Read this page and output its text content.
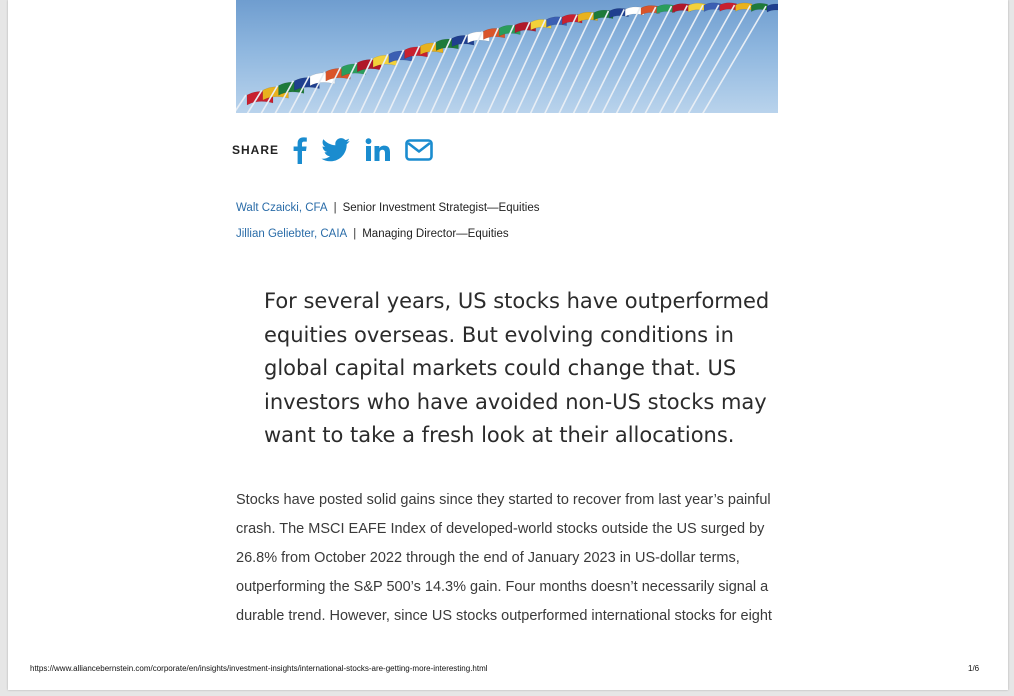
SHARE
Walt Czaicki, CFA | Senior Investment Strategist—Equities
Jillian Geliebter, CAIA | Managing Director—Equities
For several years, US stocks have outperformed equities overseas. But evolving conditions in global capital markets could change that. US investors who have avoided non-US stocks may want to take a fresh look at their allocations.
Stocks have posted solid gains since they started to recover from last year’s painful crash. The MSCI EAFE Index of developed-world stocks outside the US surged by 26.8% from October 2022 through the end of January 2023 in US-dollar terms, outperforming the S&P 500’s 14.3% gain. Four months doesn’t necessarily signal a durable trend. However, since US stocks outperformed international stocks for eight
https://www.alliancebernstein.com/corporate/en/insights/investment-insights/international-stocks-are-getting-more-interesting.html	1/6
